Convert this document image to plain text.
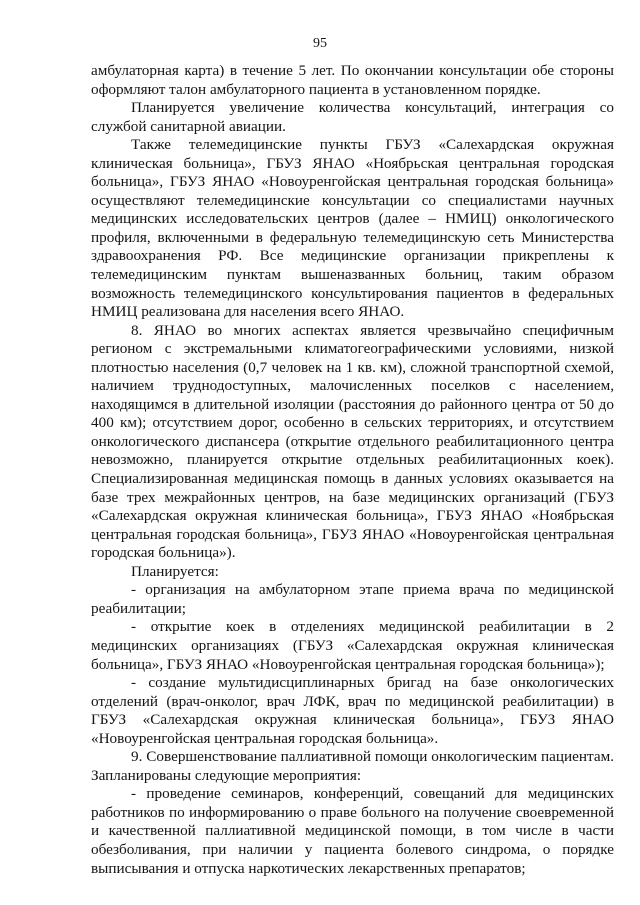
95

амбулаторная карта) в течение 5 лет. По окончании консультации обе стороны оформляют талон амбулаторного пациента в установленном порядке.

Планируется увеличение количества консультаций, интеграция со службой санитарной авиации.

Также телемедицинские пункты ГБУЗ «Салехардская окружная клиническая больница», ГБУЗ ЯНАО «Ноябрьская центральная городская больница», ГБУЗ ЯНАО «Новоуренгойская центральная городская больница» осуществляют телемедицинские консультации со специалистами научных медицинских исследовательских центров (далее – НМИЦ) онкологического профиля, включенными в федеральную телемедицинскую сеть Министерства здравоохранения РФ. Все медицинские организации прикреплены к телемедицинским пунктам вышеназванных больниц, таким образом возможность телемедицинского консультирования пациентов в федеральных НМИЦ реализована для населения всего ЯНАО.

8. ЯНАО во многих аспектах является чрезвычайно специфичным регионом с экстремальными климатогеографическими условиями, низкой плотностью населения (0,7 человек на 1 кв. км), сложной транспортной схемой, наличием труднодоступных, малочисленных поселков с населением, находящимся в длительной изоляции (расстояния до районного центра от 50 до 400 км); отсутствием дорог, особенно в сельских территориях, и отсутствием онкологического диспансера (открытие отдельного реабилитационного центра невозможно, планируется открытие отдельных реабилитационных коек). Специализированная медицинская помощь в данных условиях оказывается на базе трех межрайонных центров, на базе медицинских организаций (ГБУЗ «Салехардская окружная клиническая больница», ГБУЗ ЯНАО «Ноябрьская центральная городская больница», ГБУЗ ЯНАО «Новоуренгойская центральная городская больница»).

Планируется:

- организация на амбулаторном этапе приема врача по медицинской реабилитации;

- открытие коек в отделениях медицинской реабилитации в 2 медицинских организациях (ГБУЗ «Салехардская окружная клиническая больница», ГБУЗ ЯНАО «Новоуренгойская центральная городская больница»);

- создание мультидисциплинарных бригад на базе онкологических отделений (врач-онколог, врач ЛФК, врач по медицинской реабилитации) в ГБУЗ «Салехардская окружная клиническая больница», ГБУЗ ЯНАО «Новоуренгойская центральная городская больница».

9. Совершенствование паллиативной помощи онкологическим пациентам. Запланированы следующие мероприятия:

- проведение семинаров, конференций, совещаний для медицинских работников по информированию о праве больного на получение своевременной и качественной паллиативной медицинской помощи, в том числе в части обезболивания, при наличии у пациента болевого синдрома, о порядке выписывания и отпуска наркотических лекарственных препаратов;
